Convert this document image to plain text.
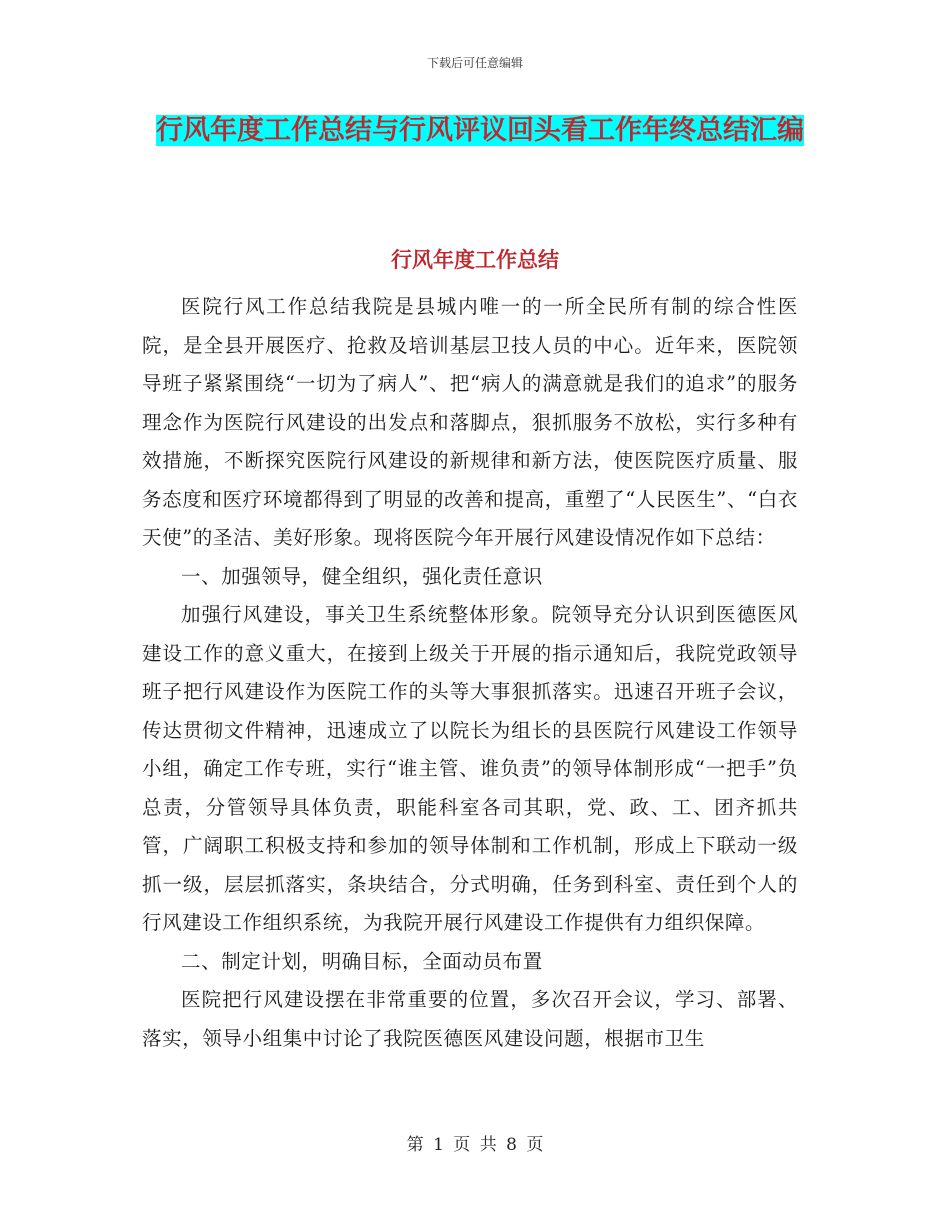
下载后可任意编辑
行风年度工作总结与行风评议回头看工作年终总结汇编
行风年度工作总结

医院行风工作总结我院是县城内唯一的一所全民所有制的综合性医院，是全县开展医疗、抢救及培训基层卫技人员的中心。近年来，医院领导班子紧紧围绕“一切为了病人”、把“病人的满意就是我们的追求”的服务理念作为医院行风建设的出发点和落脚点，狠抓服务不放松，实行多种有效措施，不断探究医院行风建设的新规律和新方法，使医院医疗质量、服务态度和医疗环境都得到了明显的改善和提高，重塑了“人民医生”、“白衣天使”的圣洁、美好形象。现将医院今年开展行风建设情况作如下总结：

一、加强领导，健全组织，强化责任意识

加强行风建设，事关卫生系统整体形象。院领导充分认识到医德医风建设工作的意义重大，在接到上级关于开展的指示通知后，我院党政领导班子把行风建设作为医院工作的头等大事狠抓落实。迅速召开班子会议，传达贯彻文件精神，迅速成立了以院长为组长的县医院行风建设工作领导小组，确定工作专班，实行“谁主管、谁负责”的领导体制形成“一把手”负总责，分管领导具体负责，职能科室各司其职，党、政、工、团齐抓共管，广阔职工积极支持和参加的领导体制和工作机制，形成上下联动一级抓一级，层层抓落实，条块结合，分式明确，任务到科室、责任到个人的行风建设工作组织系统，为我院开展行风建设工作提供有力组织保障。

二、制定计划，明确目标，全面动员布置

医院把行风建设摆在非常重要的位置，多次召开会议，学习、部署、落实，领导小组集中讨论了我院医德医风建设问题，根据市卫生

第 1 页 共 8 页
